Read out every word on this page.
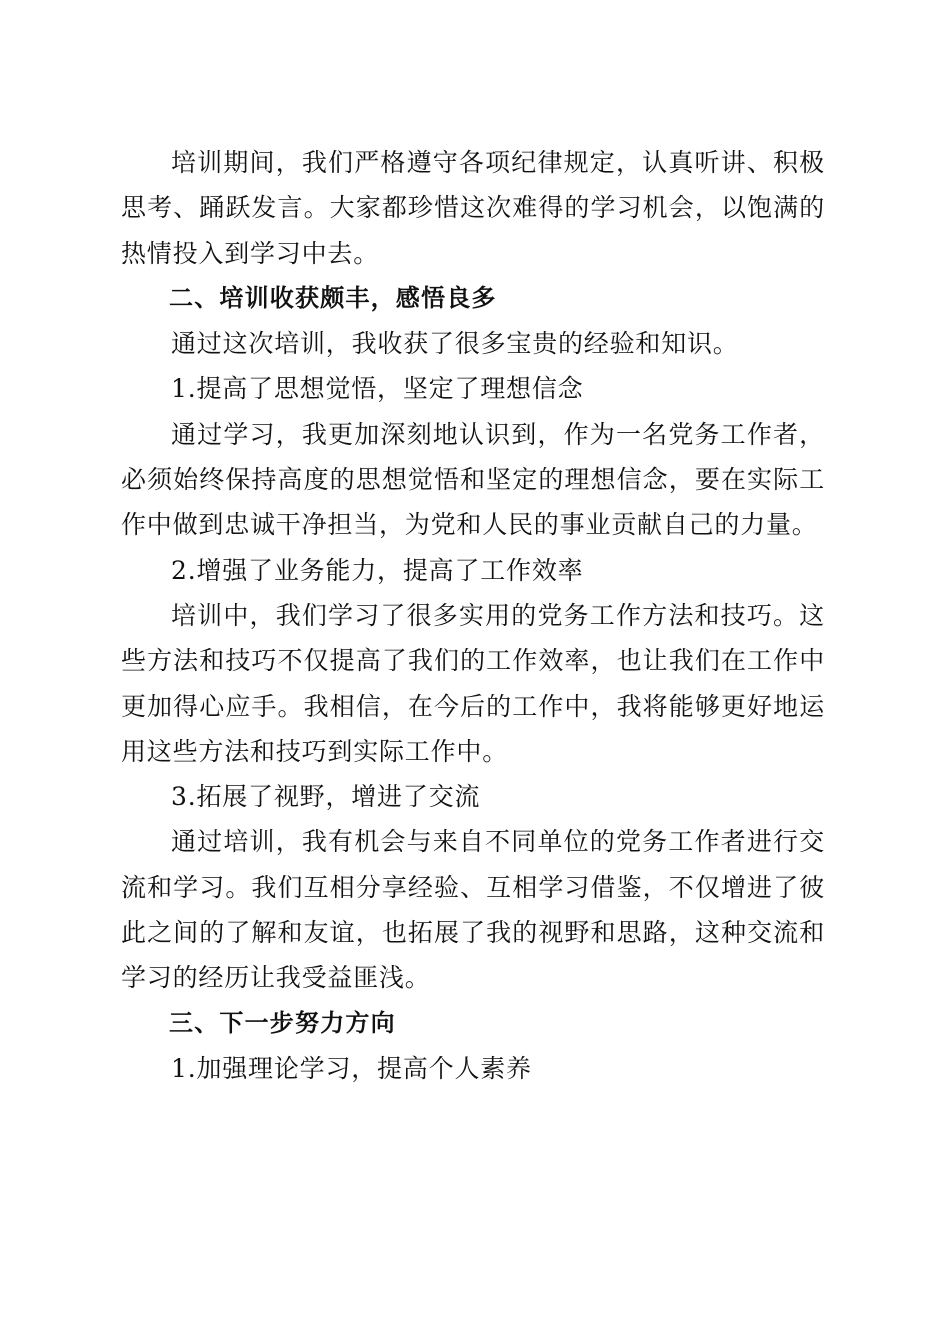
培训期间，我们严格遵守各项纪律规定，认真听讲、积极思考、踊跃发言。大家都珍惜这次难得的学习机会，以饱满的热情投入到学习中去。

二、培训收获颇丰，感悟良多

通过这次培训，我收获了很多宝贵的经验和知识。

1.提高了思想觉悟，坚定了理想信念

通过学习，我更加深刻地认识到，作为一名党务工作者，必须始终保持高度的思想觉悟和坚定的理想信念，要在实际工作中做到忠诚干净担当，为党和人民的事业贡献自己的力量。

2.增强了业务能力，提高了工作效率

培训中，我们学习了很多实用的党务工作方法和技巧。这些方法和技巧不仅提高了我们的工作效率，也让我们在工作中更加得心应手。我相信，在今后的工作中，我将能够更好地运用这些方法和技巧到实际工作中。

3.拓展了视野，增进了交流

通过培训，我有机会与来自不同单位的党务工作者进行交流和学习。我们互相分享经验、互相学习借鉴，不仅增进了彼此之间的了解和友谊，也拓展了我的视野和思路，这种交流和学习的经历让我受益匪浅。

三、下一步努力方向

1.加强理论学习，提高个人素养
